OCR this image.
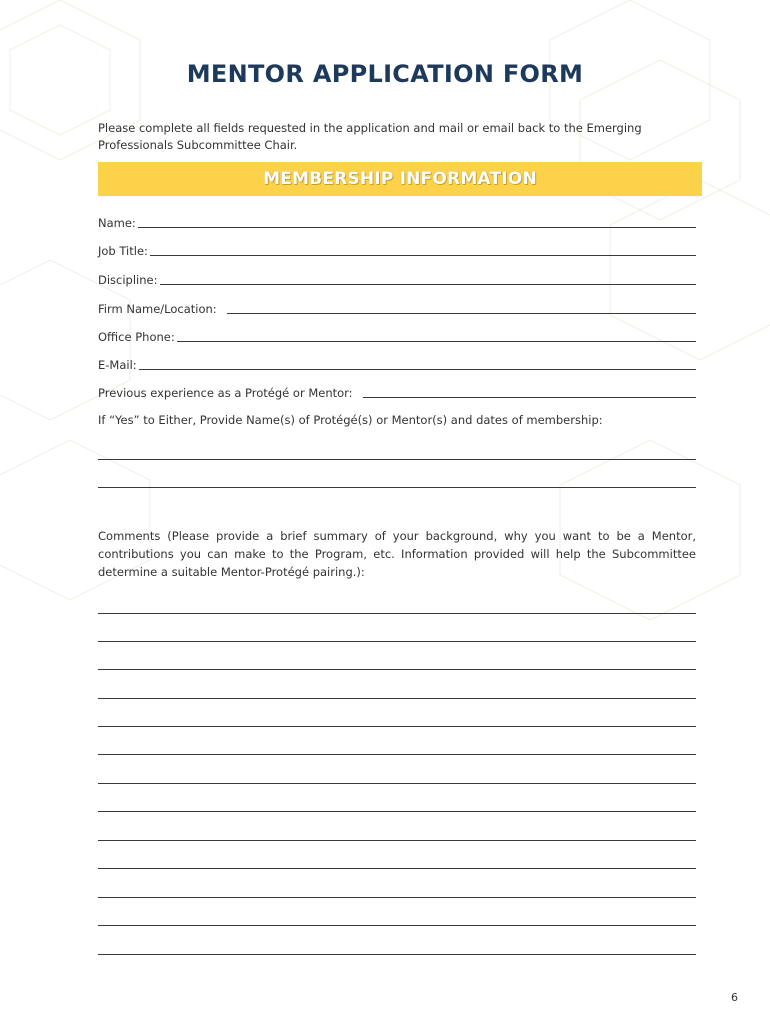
MENTOR APPLICATION FORM
Please complete all fields requested in the application and mail or email back to the Emerging Professionals Subcommittee Chair.
MEMBERSHIP INFORMATION
Name:
Job Title:
Discipline:
Firm Name/Location:
Office Phone:
E-Mail:
Previous experience as a Protégé or Mentor:
If “Yes” to Either, Provide Name(s) of Protégé(s) or Mentor(s) and dates of membership:
Comments (Please provide a brief summary of your background, why you want to be a Mentor, contributions you can make to the Program, etc. Information provided will help the Subcommittee determine a suitable Mentor-Protégé pairing.):
6
